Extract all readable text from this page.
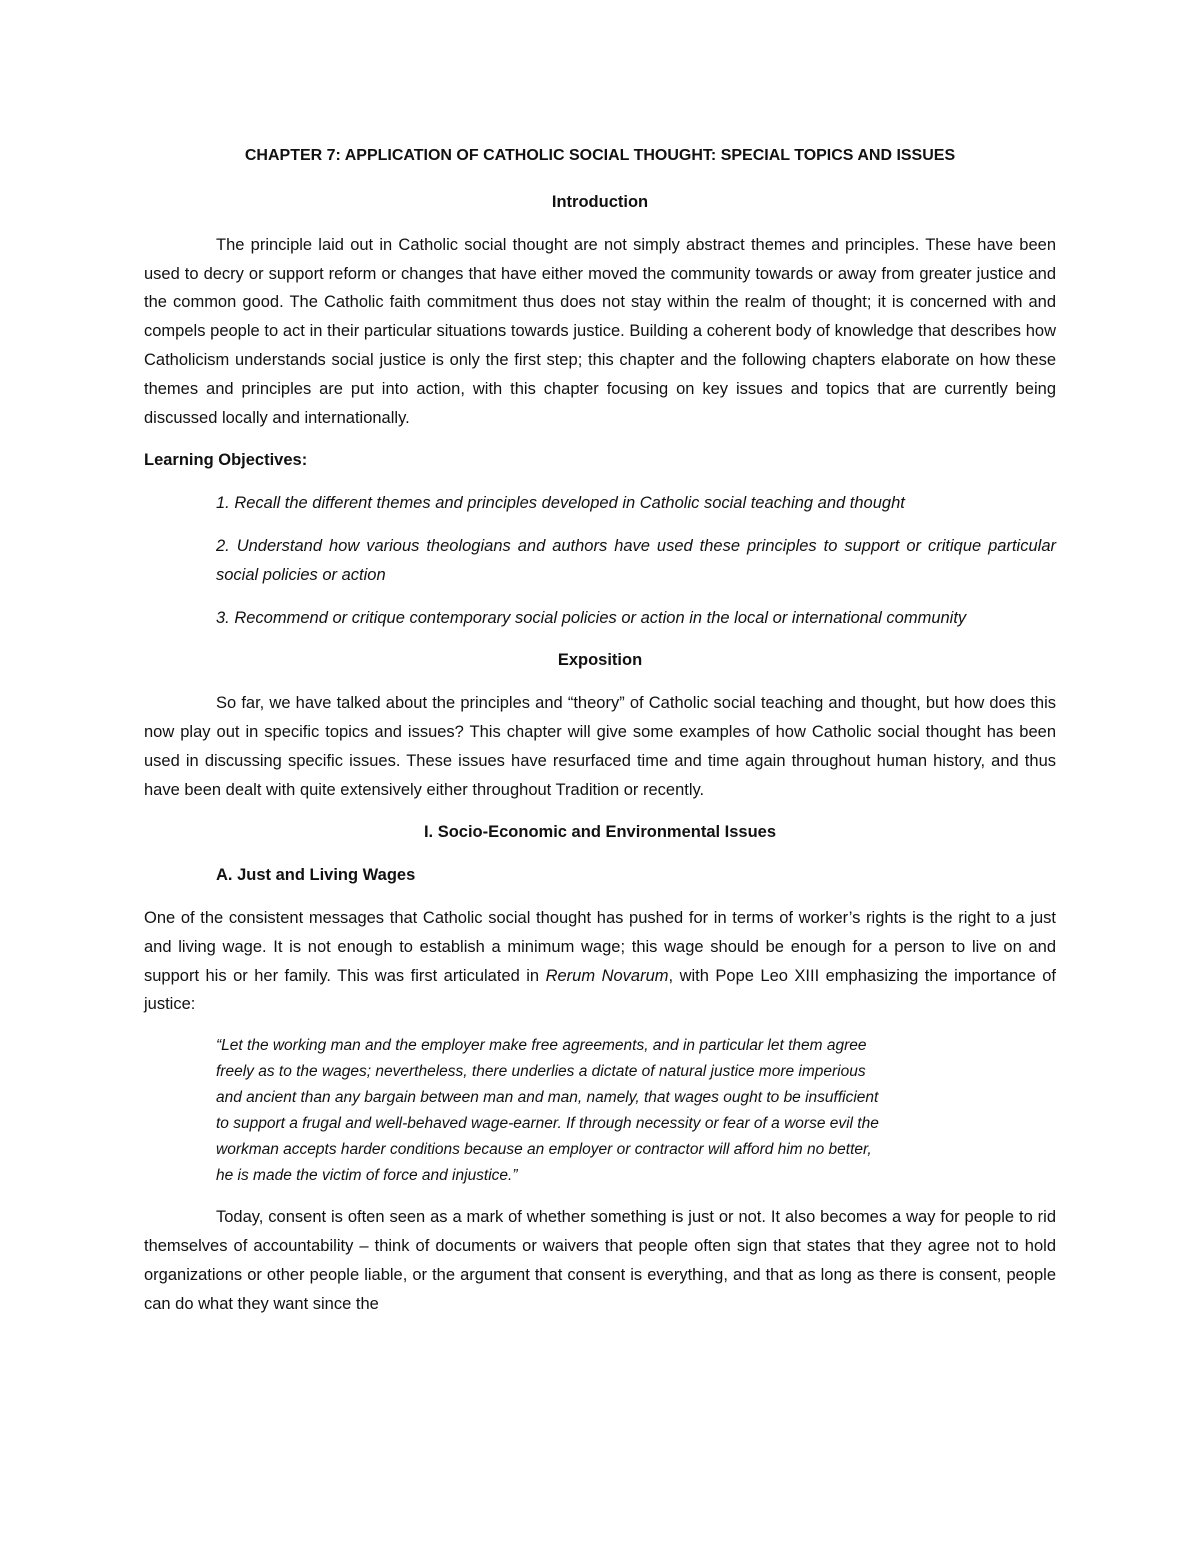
CHAPTER 7: APPLICATION OF CATHOLIC SOCIAL THOUGHT: SPECIAL TOPICS AND ISSUES
Introduction

The principle laid out in Catholic social thought are not simply abstract themes and principles. These have been used to decry or support reform or changes that have either moved the community towards or away from greater justice and the common good. The Catholic faith commitment thus does not stay within the realm of thought; it is concerned with and compels people to act in their particular situations towards justice. Building a coherent body of knowledge that describes how Catholicism understands social justice is only the first step; this chapter and the following chapters elaborate on how these themes and principles are put into action, with this chapter focusing on key issues and topics that are currently being discussed locally and internationally.

Learning Objectives:

1. Recall the different themes and principles developed in Catholic social teaching and thought

2. Understand how various theologians and authors have used these principles to support or critique particular social policies or action

3. Recommend or critique contemporary social policies or action in the local or international community

Exposition

So far, we have talked about the principles and “theory” of Catholic social teaching and thought, but how does this now play out in specific topics and issues? This chapter will give some examples of how Catholic social thought has been used in discussing specific issues. These issues have resurfaced time and time again throughout human history, and thus have been dealt with quite extensively either throughout Tradition or recently.

I. Socio-Economic and Environmental Issues
A. Just and Living Wages

One of the consistent messages that Catholic social thought has pushed for in terms of worker’s rights is the right to a just and living wage. It is not enough to establish a minimum wage; this wage should be enough for a person to live on and support his or her family. This was first articulated in Rerum Novarum, with Pope Leo XIII emphasizing the importance of justice:

“Let the working man and the employer make free agreements, and in particular let them agree
freely as to the wages; nevertheless, there underlies a dictate of natural justice more imperious
and ancient than any bargain between man and man, namely, that wages ought to be insufficient
to support a frugal and well-behaved wage-earner. If through necessity or fear of a worse evil the
workman accepts harder conditions because an employer or contractor will afford him no better,
he is made the victim of force and injustice.”

Today, consent is often seen as a mark of whether something is just or not. It also becomes a way for people to rid themselves of accountability – think of documents or waivers that people often sign that states that they agree not to hold organizations or other people liable, or the argument that consent is everything, and that as long as there is consent, people can do what they want since the
